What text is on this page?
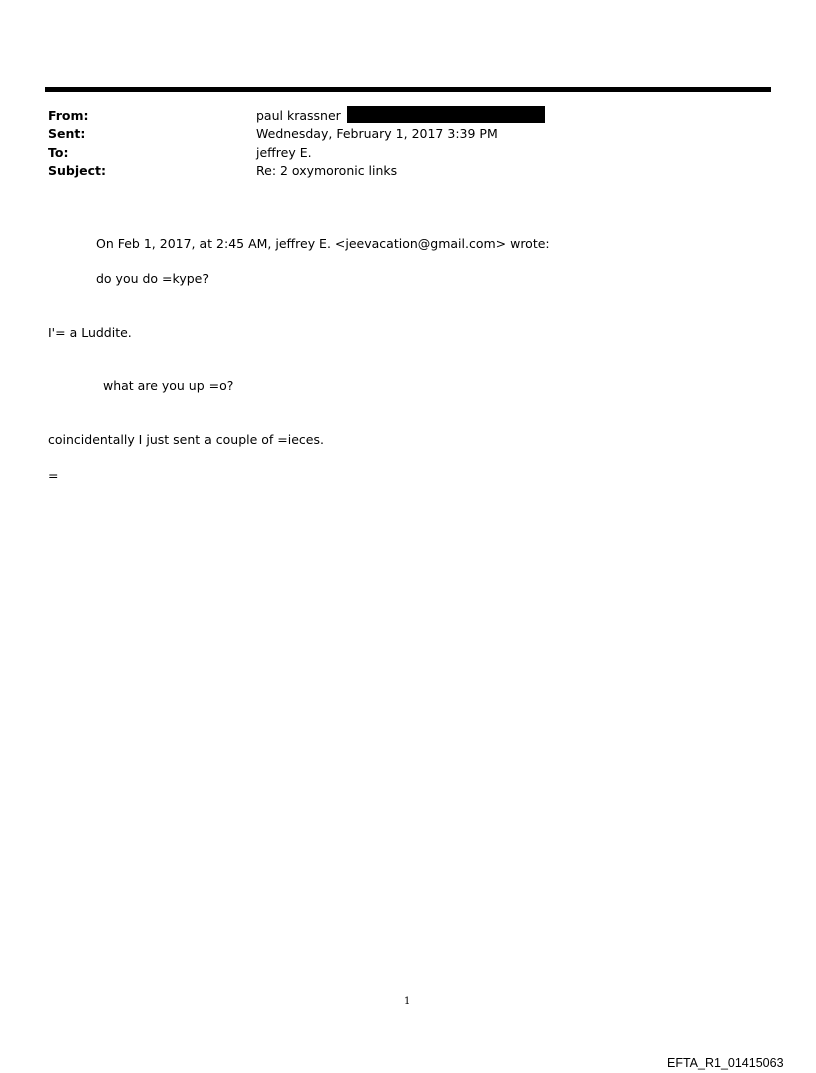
From:	paul krassner
Sent:	Wednesday, February 1, 2017 3:39 PM
To:	jeffrey E.
Subject:	Re: 2 oxymoronic links
On Feb 1, 2017, at 2:45 AM, jeffrey E. <jeevacation@gmail.com> wrote:
do you do =kype?
I'= a Luddite.
what are you up =o?
coincidentally I just sent a couple of =ieces.
=
1
EFTA_R1_01415063
